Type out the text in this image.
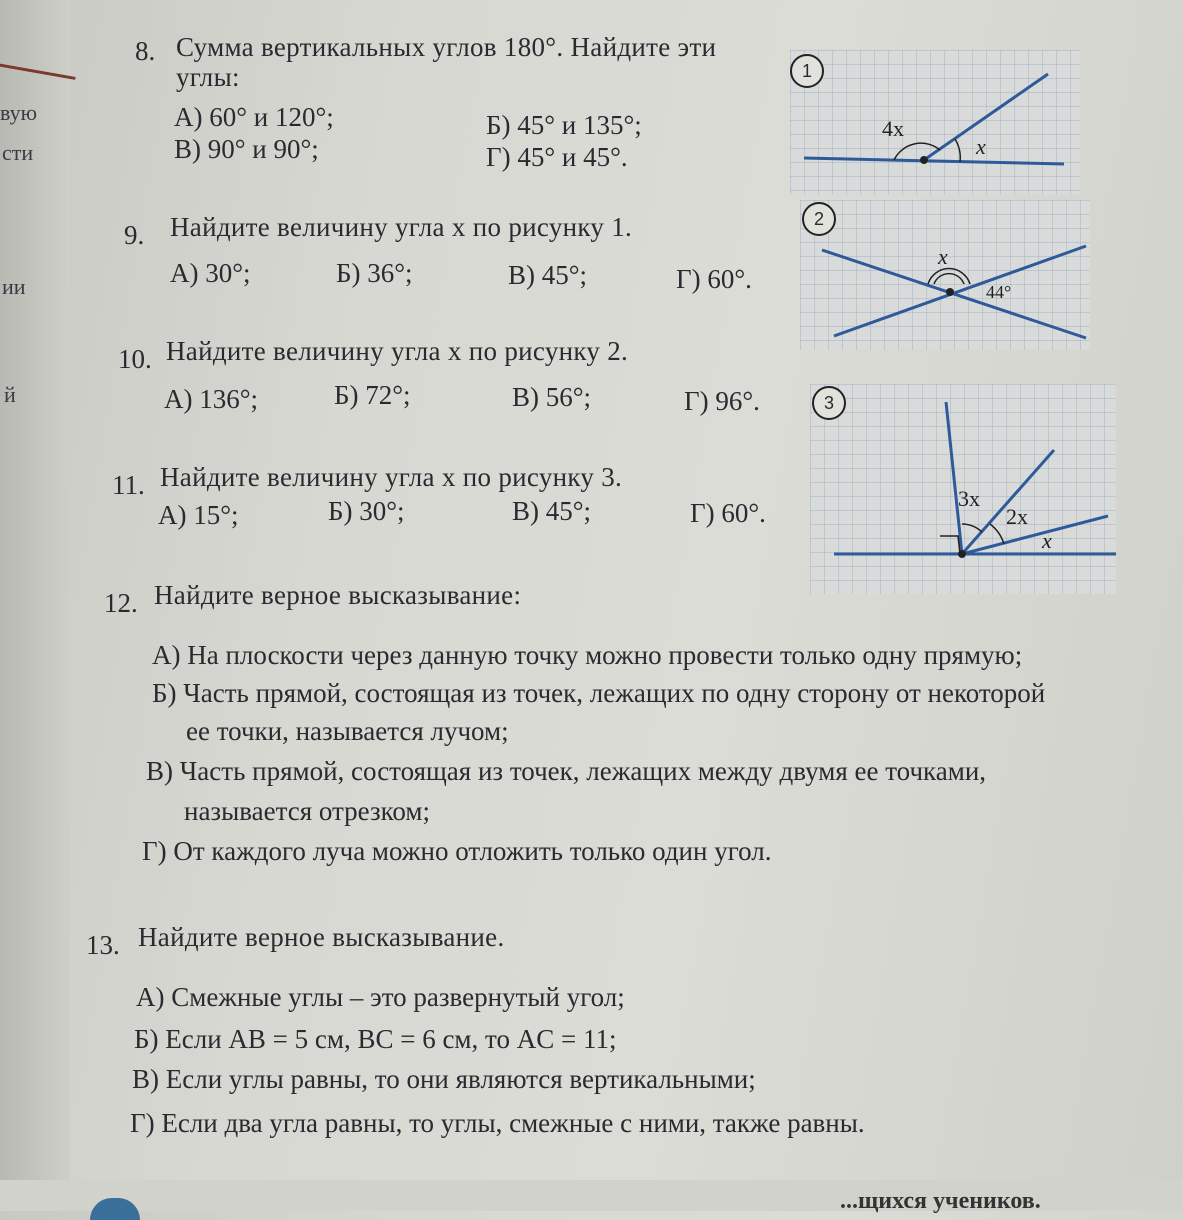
вую
сти
ии
й
8. Сумма вертикальных углов 180°. Найдите эти
углы:
А) 60° и 120°;	Б) 45° и 135°;
В) 90° и 90°;	Г) 45° и 45°.
9. Найдите величину угла x по рисунку 1.
А) 30°;	Б) 36°;	В) 45°;	Г) 60°.
10. Найдите величину угла x по рисунку 2.
А) 136°;	Б) 72°;	В) 56°;	Г) 96°.
11. Найдите величину угла x по рисунку 3.
А) 15°;	Б) 30°;	В) 45°;	Г) 60°.
12. Найдите верное высказывание:
А) На плоскости через данную точку можно провести только одну прямую;
Б) Часть прямой, состоящая из точек, лежащих по одну сторону от некоторой
ее точки, называется лучом;
В) Часть прямой, состоящая из точек, лежащих между двумя ее точками,
называется отрезком;
Г) От каждого луча можно отложить только один угол.
13. Найдите верное высказывание.
А) Смежные углы – это развернутый угол;
Б) Если AB = 5 см, BC = 6 см, то AC = 11;
В) Если углы равны, то они являются вертикальными;
Г) Если два угла равны, то углы, смежные с ними, также равны.
4x
x
1
x
44°
2
3x
2x
x
3
...щихся учеников.
